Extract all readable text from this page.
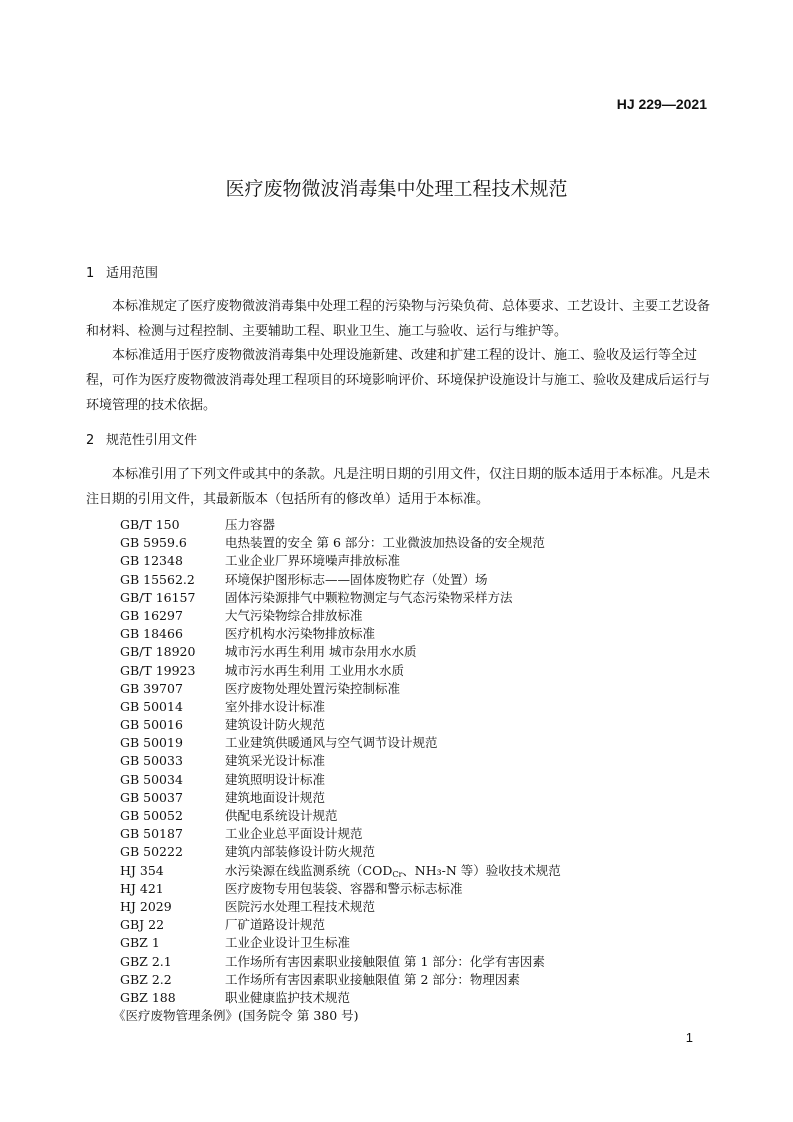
HJ 229—2021
医疗废物微波消毒集中处理工程技术规范
1 适用范围

本标准规定了医疗废物微波消毒集中处理工程的污染物与污染负荷、总体要求、工艺设计、主要工艺设备和材料、检测与过程控制、主要辅助工程、职业卫生、施工与验收、运行与维护等。

本标准适用于医疗废物微波消毒集中处理设施新建、改建和扩建工程的设计、施工、验收及运行等全过程，可作为医疗废物微波消毒处理工程项目的环境影响评价、环境保护设施设计与施工、验收及建成后运行与环境管理的技术依据。

2 规范性引用文件

本标准引用了下列文件或其中的条款。凡是注明日期的引用文件，仅注日期的版本适用于本标准。凡是未注日期的引用文件，其最新版本（包括所有的修改单）适用于本标准。

GB/T 150	压力容器
GB 5959.6	电热装置的安全 第 6 部分：工业微波加热设备的安全规范
GB 12348	工业企业厂界环境噪声排放标准
GB 15562.2	环境保护图形标志——固体废物贮存（处置）场
GB/T 16157	固体污染源排气中颗粒物测定与气态污染物采样方法
GB 16297	大气污染物综合排放标准
GB 18466	医疗机构水污染物排放标准
GB/T 18920	城市污水再生利用 城市杂用水水质
GB/T 19923	城市污水再生利用 工业用水水质
GB 39707	医疗废物处理处置污染控制标准
GB 50014	室外排水设计标准
GB 50016	建筑设计防火规范
GB 50019	工业建筑供暖通风与空气调节设计规范
GB 50033	建筑采光设计标准
GB 50034	建筑照明设计标准
GB 50037	建筑地面设计规范
GB 50052	供配电系统设计规范
GB 50187	工业企业总平面设计规范
GB 50222	建筑内部装修设计防火规范
HJ 354	水污染源在线监测系统（$COD_{Cr}$、NH₃-N 等）验收技术规范
HJ 421	医疗废物专用包装袋、容器和警示标志标准
HJ 2029	医院污水处理工程技术规范
GBJ 22	厂矿道路设计规范
GBZ 1	工业企业设计卫生标准
GBZ 2.1	工作场所有害因素职业接触限值 第 1 部分：化学有害因素
GBZ 2.2	工作场所有害因素职业接触限值 第 2 部分：物理因素
GBZ 188	职业健康监护技术规范
《医疗废物管理条例》(国务院令 第 380 号)
1
